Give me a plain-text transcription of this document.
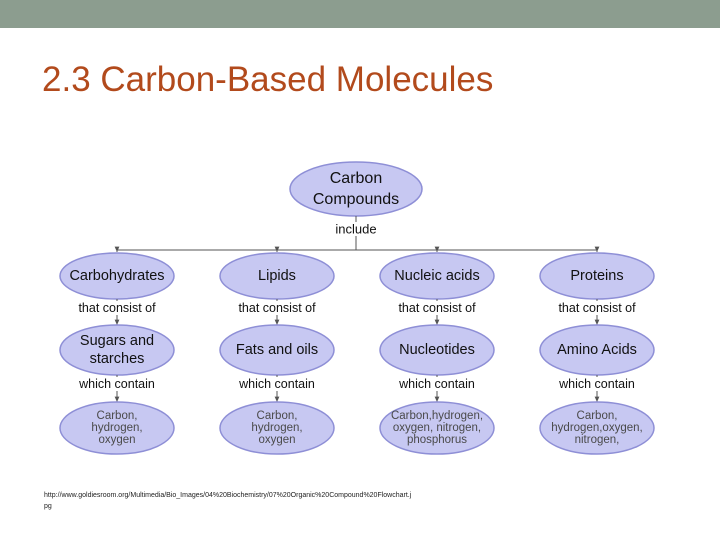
2.3 Carbon-Based Molecules
Carbon
Compounds
include
Carbohydrates
that consist of
Sugars and
starches
which contain
Carbon,
hydrogen,
oxygen
Lipids
that consist of
Fats and oils
which contain
Carbon,
hydrogen,
oxygen
Nucleic acids
that consist of
Nucleotides
which contain
Carbon,hydrogen,
oxygen, nitrogen,
phosphorus
Proteins
that consist of
Amino Acids
which contain
Carbon,
hydrogen,oxygen,
nitrogen,
http://www.goldiesroom.org/Multimedia/Bio_Images/04%20Biochemistry/07%20Organic%20Compound%20Flowchart.jpg
